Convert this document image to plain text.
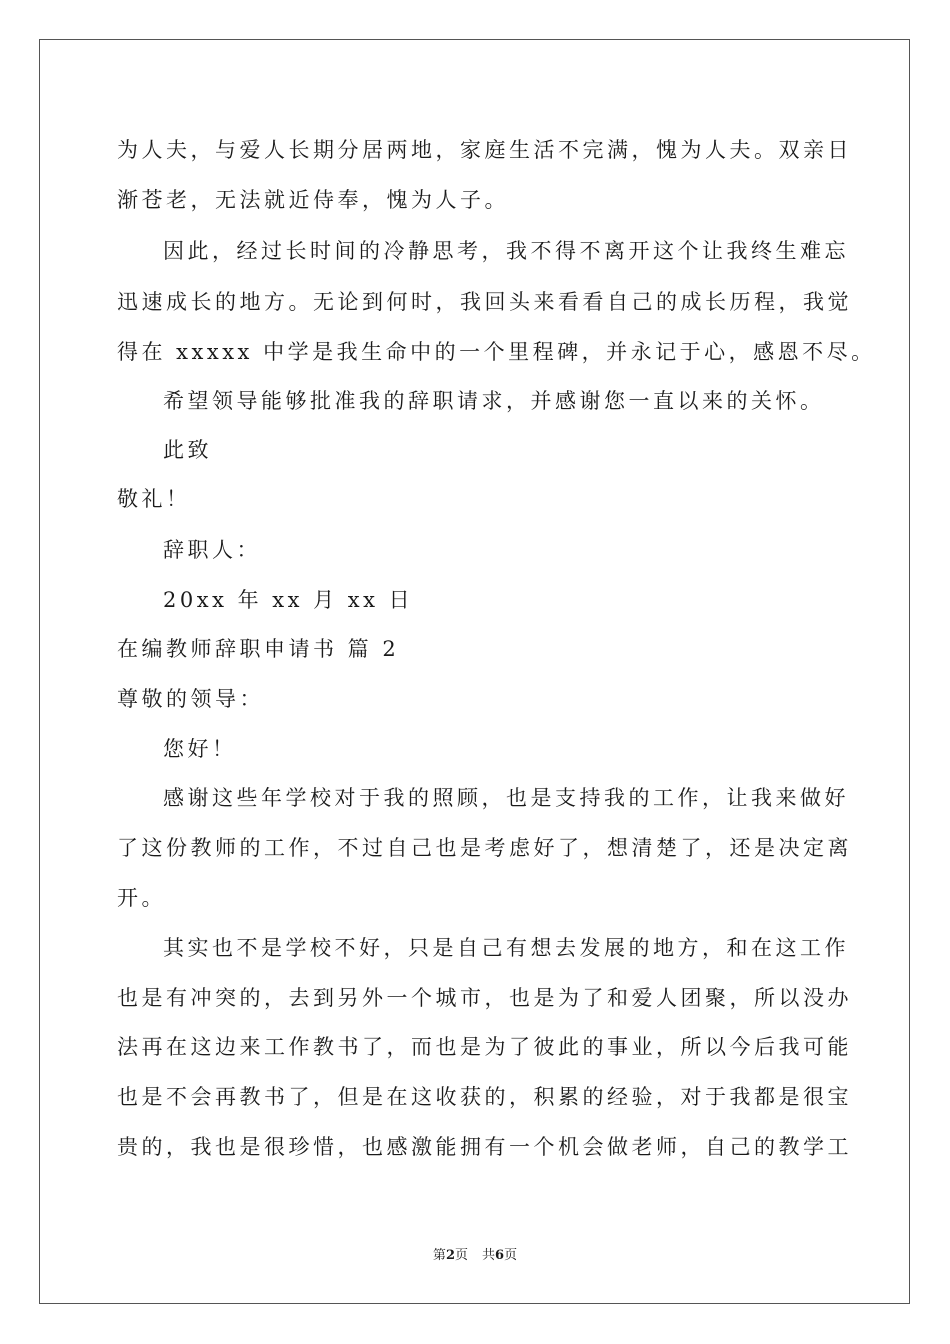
为人夫，与爱人长期分居两地，家庭生活不完满，愧为人夫。双亲日
渐苍老，无法就近侍奉，愧为人子。
因此，经过长时间的冷静思考，我不得不离开这个让我终生难忘
迅速成长的地方。无论到何时，我回头来看看自己的成长历程，我觉
得在 xxxxx 中学是我生命中的一个里程碑，并永记于心，感恩不尽。
希望领导能够批准我的辞职请求，并感谢您一直以来的关怀。
此致
敬礼！
辞职人：
20xx 年 xx 月 xx 日
在编教师辞职申请书 篇 2
尊敬的领导：
您好！
感谢这些年学校对于我的照顾，也是支持我的工作，让我来做好
了这份教师的工作，不过自己也是考虑好了，想清楚了，还是决定离
开。
其实也不是学校不好，只是自己有想去发展的地方，和在这工作
也是有冲突的，去到另外一个城市，也是为了和爱人团聚，所以没办
法再在这边来工作教书了，而也是为了彼此的事业，所以今后我可能
也是不会再教书了，但是在这收获的，积累的经验，对于我都是很宝
贵的，我也是很珍惜，也感激能拥有一个机会做老师，自己的教学工
第2页 共6页
